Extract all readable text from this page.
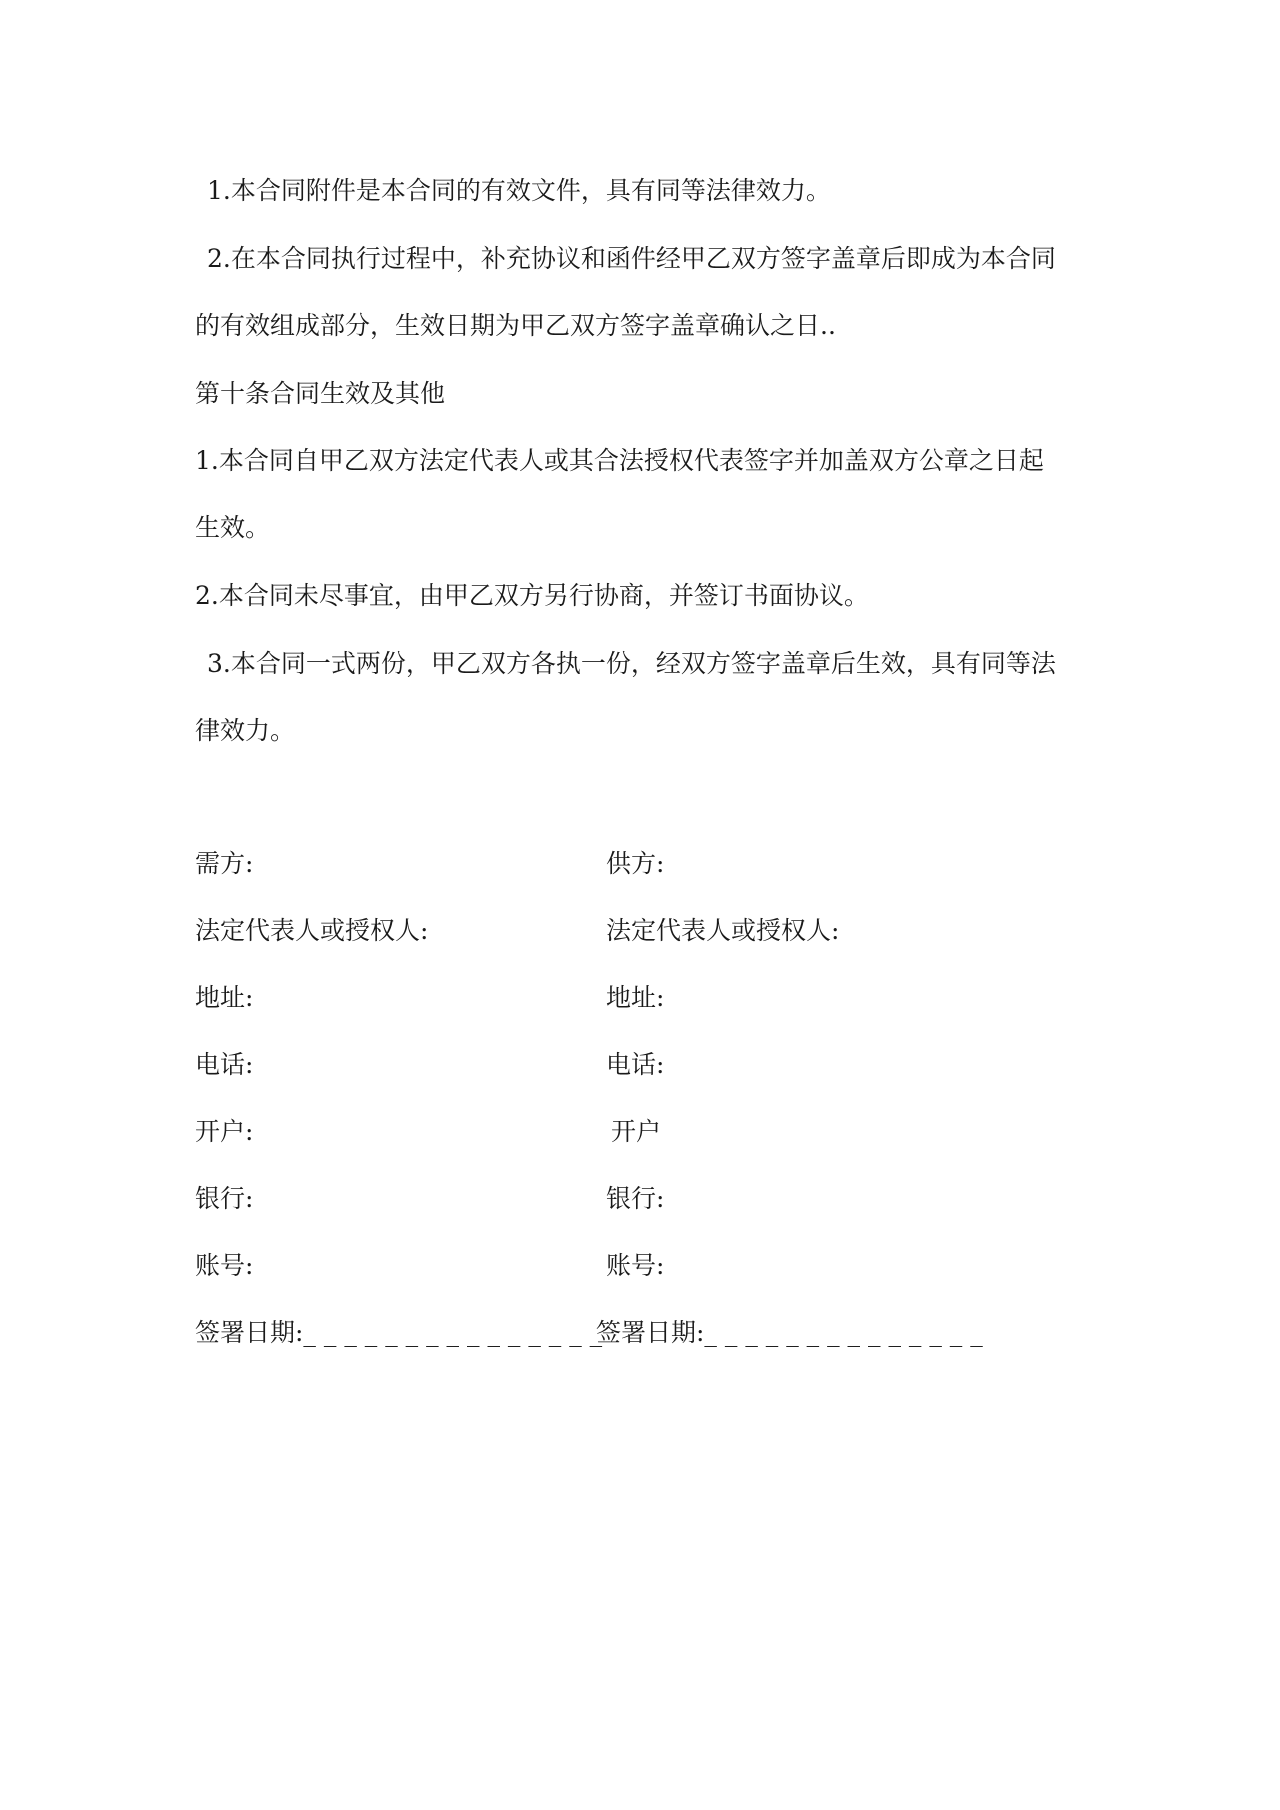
1.本合同附件是本合同的有效文件，具有同等法律效力。
2.在本合同执行过程中，补充协议和函件经甲乙双方签字盖章后即成为本合同
的有效组成部分，生效日期为甲乙双方签字盖章确认之日..
第十条合同生效及其他
1.本合同自甲乙双方法定代表人或其合法授权代表签字并加盖双方公章之日起
生效。
2.本合同未尽事宜，由甲乙双方另行协商，并签订书面协议。
3.本合同一式两份，甲乙双方各执一份，经双方签字盖章后生效，具有同等法
律效力。
需方:
法定代表人或授权人:
地址:
电话:
开户:
银行:
账号:
签署日期:_ _ _ _ _ _ _ _ _ _ _ _ _ _ _
供方:
法定代表人或授权人:
地址:
电话:
开户
银行:
账号:
签署日期:_ _ _ _ _ _ _ _ _ _ _ _ _ _
